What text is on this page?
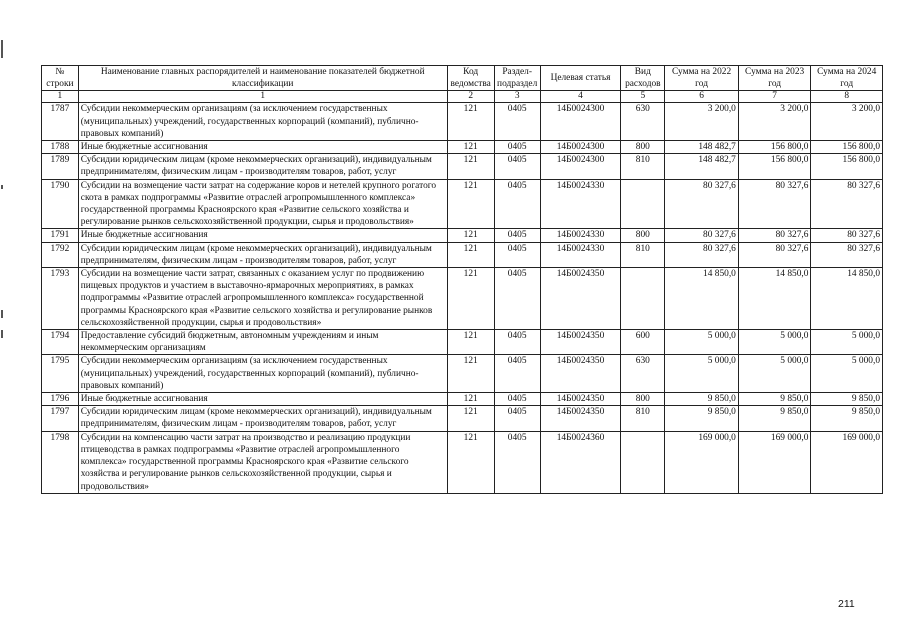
№ строки	Наименование главных распорядителей и наименование показателей бюджетной классификации	Код ведомства	Раздел-подраздел	Целевая статья	Вид расходов	Сумма на 2022 год	Сумма на 2023 год	Сумма на 2024 год
1	1	2	3	4	5	6	7	8
1787	Субсидии некоммерческим организациям (за исключением государственных (муниципальных) учреждений, государственных корпораций (компаний), публично-правовых компаний)	121	0405	14Б0024300	630	3 200,0	3 200,0	3 200,0
1788	Иные бюджетные ассигнования	121	0405	14Б0024300	800	148 482,7	156 800,0	156 800,0
1789	Субсидии юридическим лицам (кроме некоммерческих организаций), индивидуальным предпринимателям, физическим лицам - производителям товаров, работ, услуг	121	0405	14Б0024300	810	148 482,7	156 800,0	156 800,0
1790	Субсидии на возмещение части затрат на содержание коров и нетелей крупного рогатого скота в рамках подпрограммы «Развитие отраслей агропромышленного комплекса» государственной программы Красноярского края «Развитие сельского хозяйства и регулирование рынков сельскохозяйственной продукции, сырья и продовольствия»	121	0405	14Б0024330		80 327,6	80 327,6	80 327,6
1791	Иные бюджетные ассигнования	121	0405	14Б0024330	800	80 327,6	80 327,6	80 327,6
1792	Субсидии юридическим лицам (кроме некоммерческих организаций), индивидуальным предпринимателям, физическим лицам - производителям товаров, работ, услуг	121	0405	14Б0024330	810	80 327,6	80 327,6	80 327,6
1793	Субсидии на возмещение части затрат, связанных с оказанием услуг по продвижению пищевых продуктов и участием в выставочно-ярмарочных мероприятиях, в рамках подпрограммы «Развитие отраслей агропромышленного комплекса» государственной программы Красноярского края «Развитие сельского хозяйства и регулирование рынков сельскохозяйственной продукции, сырья и продовольствия»	121	0405	14Б0024350		14 850,0	14 850,0	14 850,0
1794	Предоставление субсидий бюджетным, автономным учреждениям и иным некоммерческим организациям	121	0405	14Б0024350	600	5 000,0	5 000,0	5 000,0
1795	Субсидии некоммерческим организациям (за исключением государственных (муниципальных) учреждений, государственных корпораций (компаний), публично-правовых компаний)	121	0405	14Б0024350	630	5 000,0	5 000,0	5 000,0
1796	Иные бюджетные ассигнования	121	0405	14Б0024350	800	9 850,0	9 850,0	9 850,0
1797	Субсидии юридическим лицам (кроме некоммерческих организаций), индивидуальным предпринимателям, физическим лицам - производителям товаров, работ, услуг	121	0405	14Б0024350	810	9 850,0	9 850,0	9 850,0
1798	Субсидии на компенсацию части затрат на производство и реализацию продукции птицеводства в рамках подпрограммы «Развитие отраслей агропромышленного комплекса» государственной программы Красноярского края «Развитие сельского хозяйства и регулирование рынков сельскохозяйственной продукции, сырья и продовольствия»	121	0405	14Б0024360		169 000,0	169 000,0	169 000,0
211
